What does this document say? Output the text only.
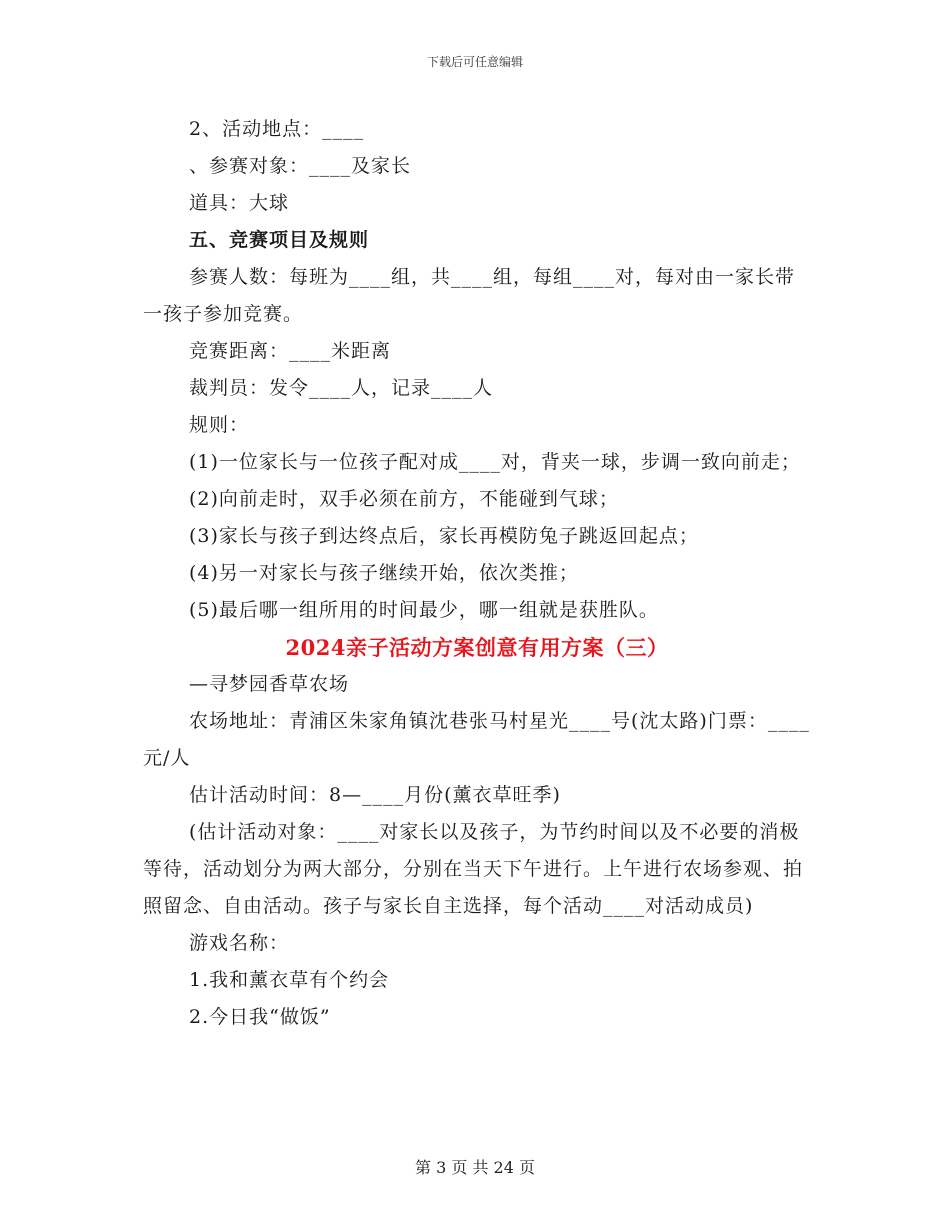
下载后可任意编辑

2、活动地点：____

、参赛对象：____及家长

道具：大球

五、竞赛项目及规则

参赛人数：每班为____组，共____组，每组____对，每对由一家长带一孩子参加竞赛。

竞赛距离：____米距离

裁判员：发令____人，记录____人

规则：

(1)一位家长与一位孩子配对成____对，背夹一球，步调一致向前走；

(2)向前走时，双手必须在前方，不能碰到气球；

(3)家长与孩子到达终点后，家长再模防兔子跳返回起点；

(4)另一对家长与孩子继续开始，依次类推；

(5)最后哪一组所用的时间最少，哪一组就是获胜队。

2024亲子活动方案创意有用方案（三）

—寻梦园香草农场

农场地址：青浦区朱家角镇沈巷张马村星光____号(沈太路)门票：____元/人

估计活动时间：8—____月份(薰衣草旺季)

(估计活动对象：____对家长以及孩子，为节约时间以及不必要的消极等待，活动划分为两大部分，分别在当天下午进行。上午进行农场参观、拍照留念、自由活动。孩子与家长自主选择，每个活动____对活动成员)

游戏名称：

1.我和薰衣草有个约会

2.今日我“做饭”

第 3 页 共 24 页
